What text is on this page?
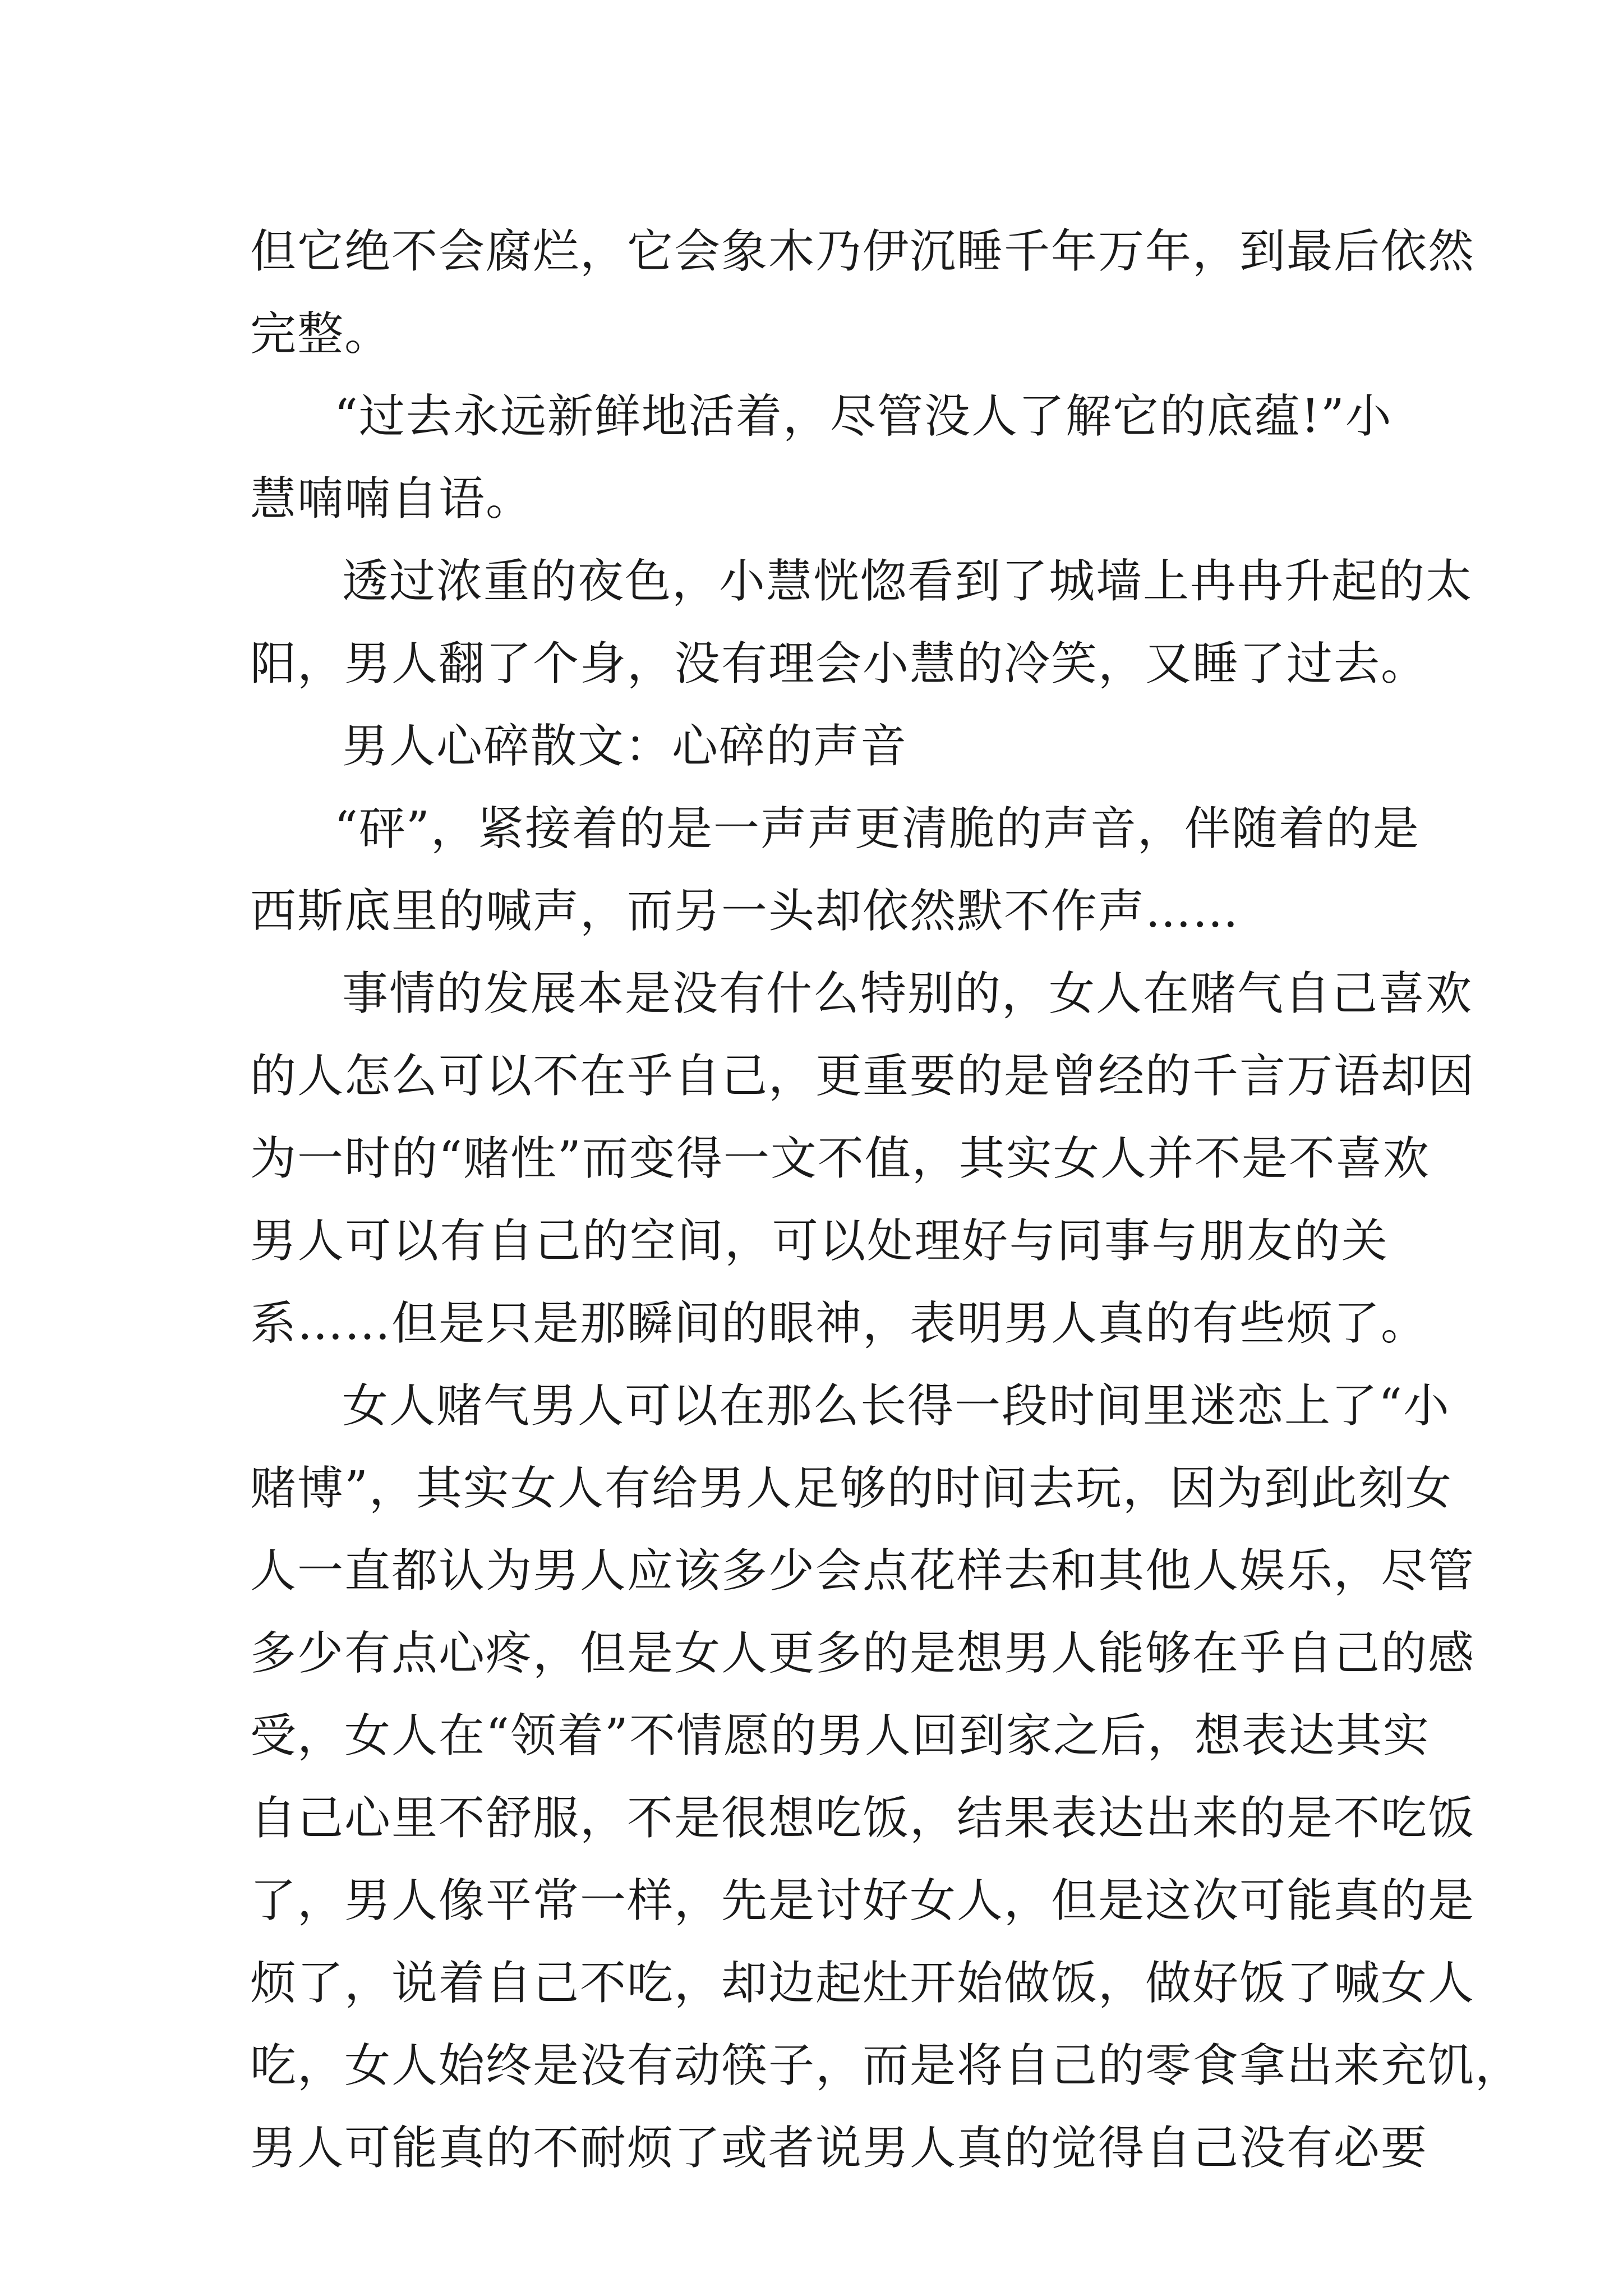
但它绝不会腐烂，它会象木乃伊沉睡千年万年，到最后依然
完整。
“过去永远新鲜地活着，尽管没人了解它的底蕴!”小
慧喃喃自语。
透过浓重的夜色，小慧恍惚看到了城墙上冉冉升起的太
阳，男人翻了个身，没有理会小慧的冷笑，又睡了过去。
男人心碎散文：心碎的声音
“砰”，紧接着的是一声声更清脆的声音，伴随着的是
西斯底里的喊声，而另一头却依然默不作声……
事情的发展本是没有什么特别的，女人在赌气自己喜欢
的人怎么可以不在乎自己，更重要的是曾经的千言万语却因
为一时的“赌性”而变得一文不值，其实女人并不是不喜欢
男人可以有自己的空间，可以处理好与同事与朋友的关
系……但是只是那瞬间的眼神，表明男人真的有些烦了。
女人赌气男人可以在那么长得一段时间里迷恋上了“小
赌博”，其实女人有给男人足够的时间去玩，因为到此刻女
人一直都认为男人应该多少会点花样去和其他人娱乐，尽管
多少有点心疼，但是女人更多的是想男人能够在乎自己的感
受，女人在“领着”不情愿的男人回到家之后，想表达其实
自己心里不舒服，不是很想吃饭，结果表达出来的是不吃饭
了，男人像平常一样，先是讨好女人，但是这次可能真的是
烦了，说着自己不吃，却边起灶开始做饭，做好饭了喊女人
吃，女人始终是没有动筷子，而是将自己的零食拿出来充饥，
男人可能真的不耐烦了或者说男人真的觉得自己没有必要
